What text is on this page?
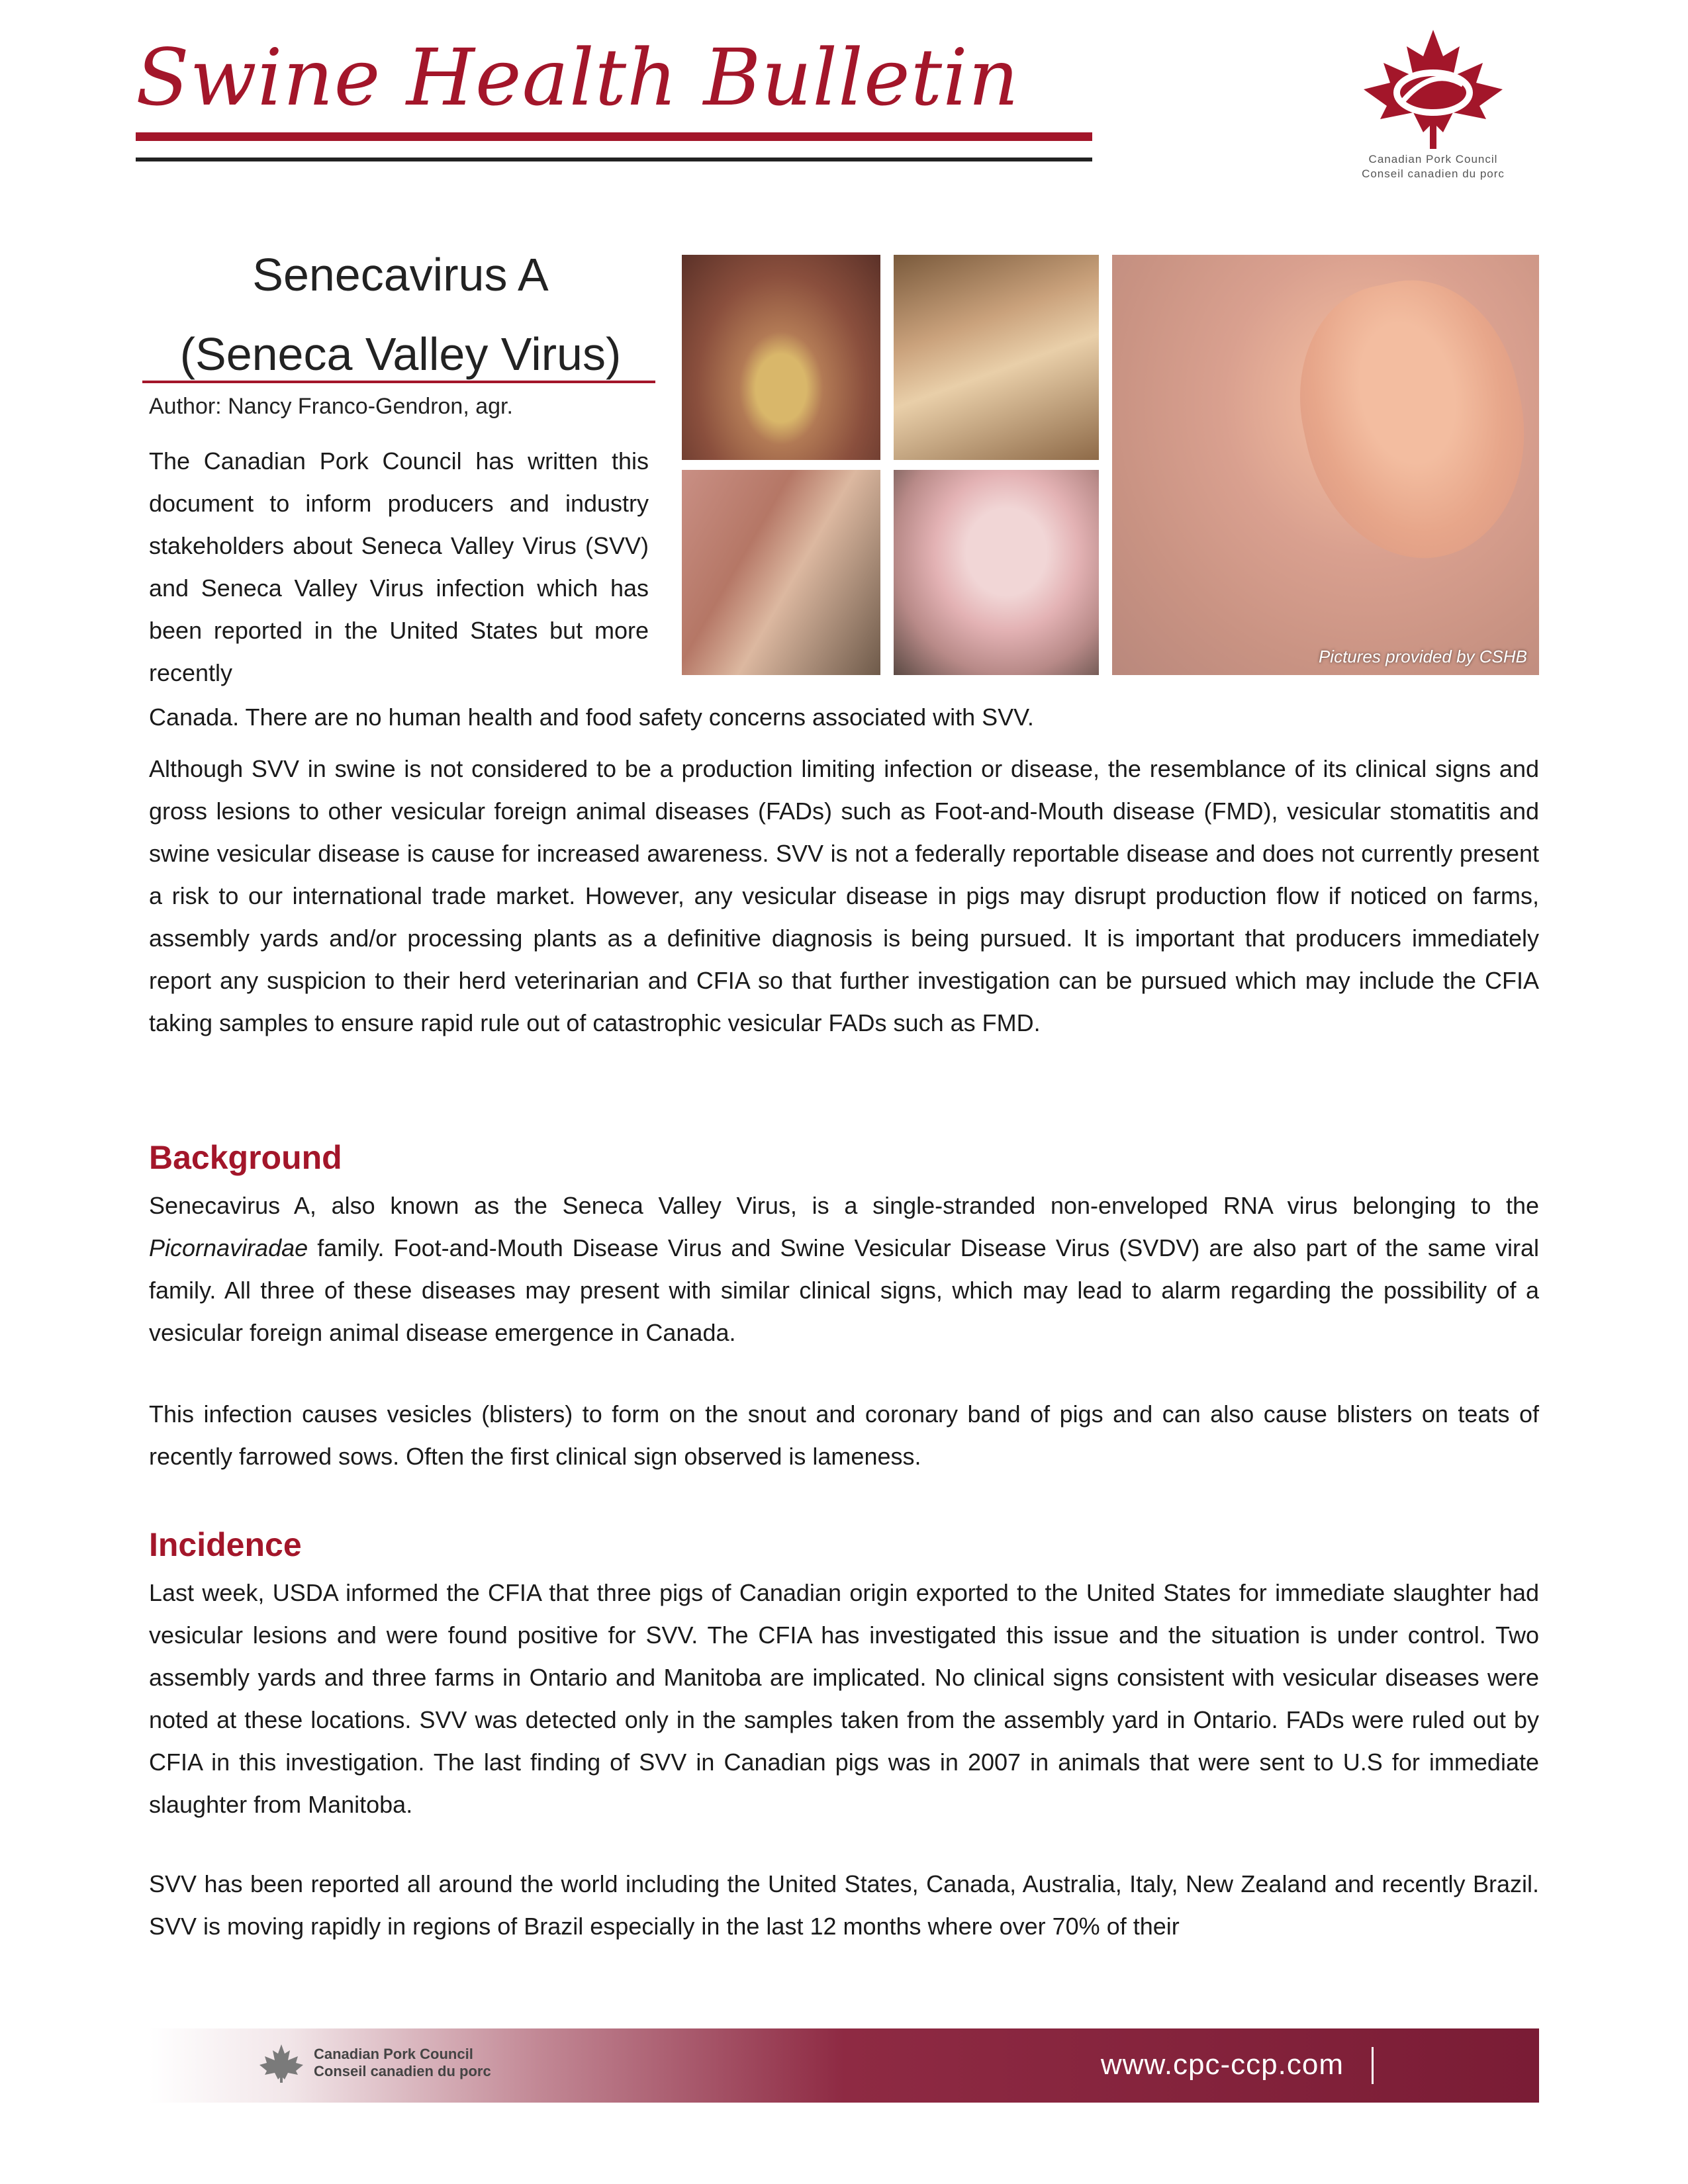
Swine Health Bulletin
Canadian Pork Council
Conseil canadien du porc
Senecavirus A
(Seneca Valley Virus)
Author: Nancy Franco-Gendron, agr.

The Canadian Pork Council has written this document to inform producers and industry stakeholders about Seneca Valley Virus (SVV) and Seneca Valley Virus infection which has been reported in the United States but more recently

Canada. There are no human health and food safety concerns associated with SVV.

Pictures provided by CSHB

Although SVV in swine is not considered to be a production limiting infection or disease, the resemblance of its clinical signs and gross lesions to other vesicular foreign animal diseases (FADs) such as Foot-and-Mouth disease (FMD), vesicular stomatitis and swine vesicular disease is cause for increased awareness. SVV is not a federally reportable disease and does not currently present a risk to our international trade market. However, any vesicular disease in pigs may disrupt production flow if noticed on farms, assembly yards and/or processing plants as a definitive diagnosis is being pursued. It is important that producers immediately report any suspicion to their herd veterinarian and CFIA so that further investigation can be pursued which may include the CFIA taking samples to ensure rapid rule out of catastrophic vesicular FADs such as FMD.

Background

Senecavirus A, also known as the Seneca Valley Virus, is a single-stranded non-enveloped RNA virus belonging to the Picornaviradae family. Foot-and-Mouth Disease Virus and Swine Vesicular Disease Virus (SVDV) are also part of the same viral family. All three of these diseases may present with similar clinical signs, which may lead to alarm regarding the possibility of a vesicular foreign animal disease emergence in Canada.

This infection causes vesicles (blisters) to form on the snout and coronary band of pigs and can also cause blisters on teats of recently farrowed sows. Often the first clinical sign observed is lameness.

Incidence

Last week, USDA informed the CFIA that three pigs of Canadian origin exported to the United States for immediate slaughter had vesicular lesions and were found positive for SVV. The CFIA has investigated this issue and the situation is under control. Two assembly yards and three farms in Ontario and Manitoba are implicated. No clinical signs consistent with vesicular diseases were noted at these locations. SVV was detected only in the samples taken from the assembly yard in Ontario. FADs were ruled out by CFIA in this investigation. The last finding of SVV in Canadian pigs was in 2007 in animals that were sent to U.S for immediate slaughter from Manitoba.

SVV has been reported all around the world including the United States, Canada, Australia, Italy, New Zealand and recently Brazil. SVV is moving rapidly in regions of Brazil especially in the last 12 months where over 70% of their

Canadian Pork Council
Conseil canadien du porc	www.cpc-ccp.com
